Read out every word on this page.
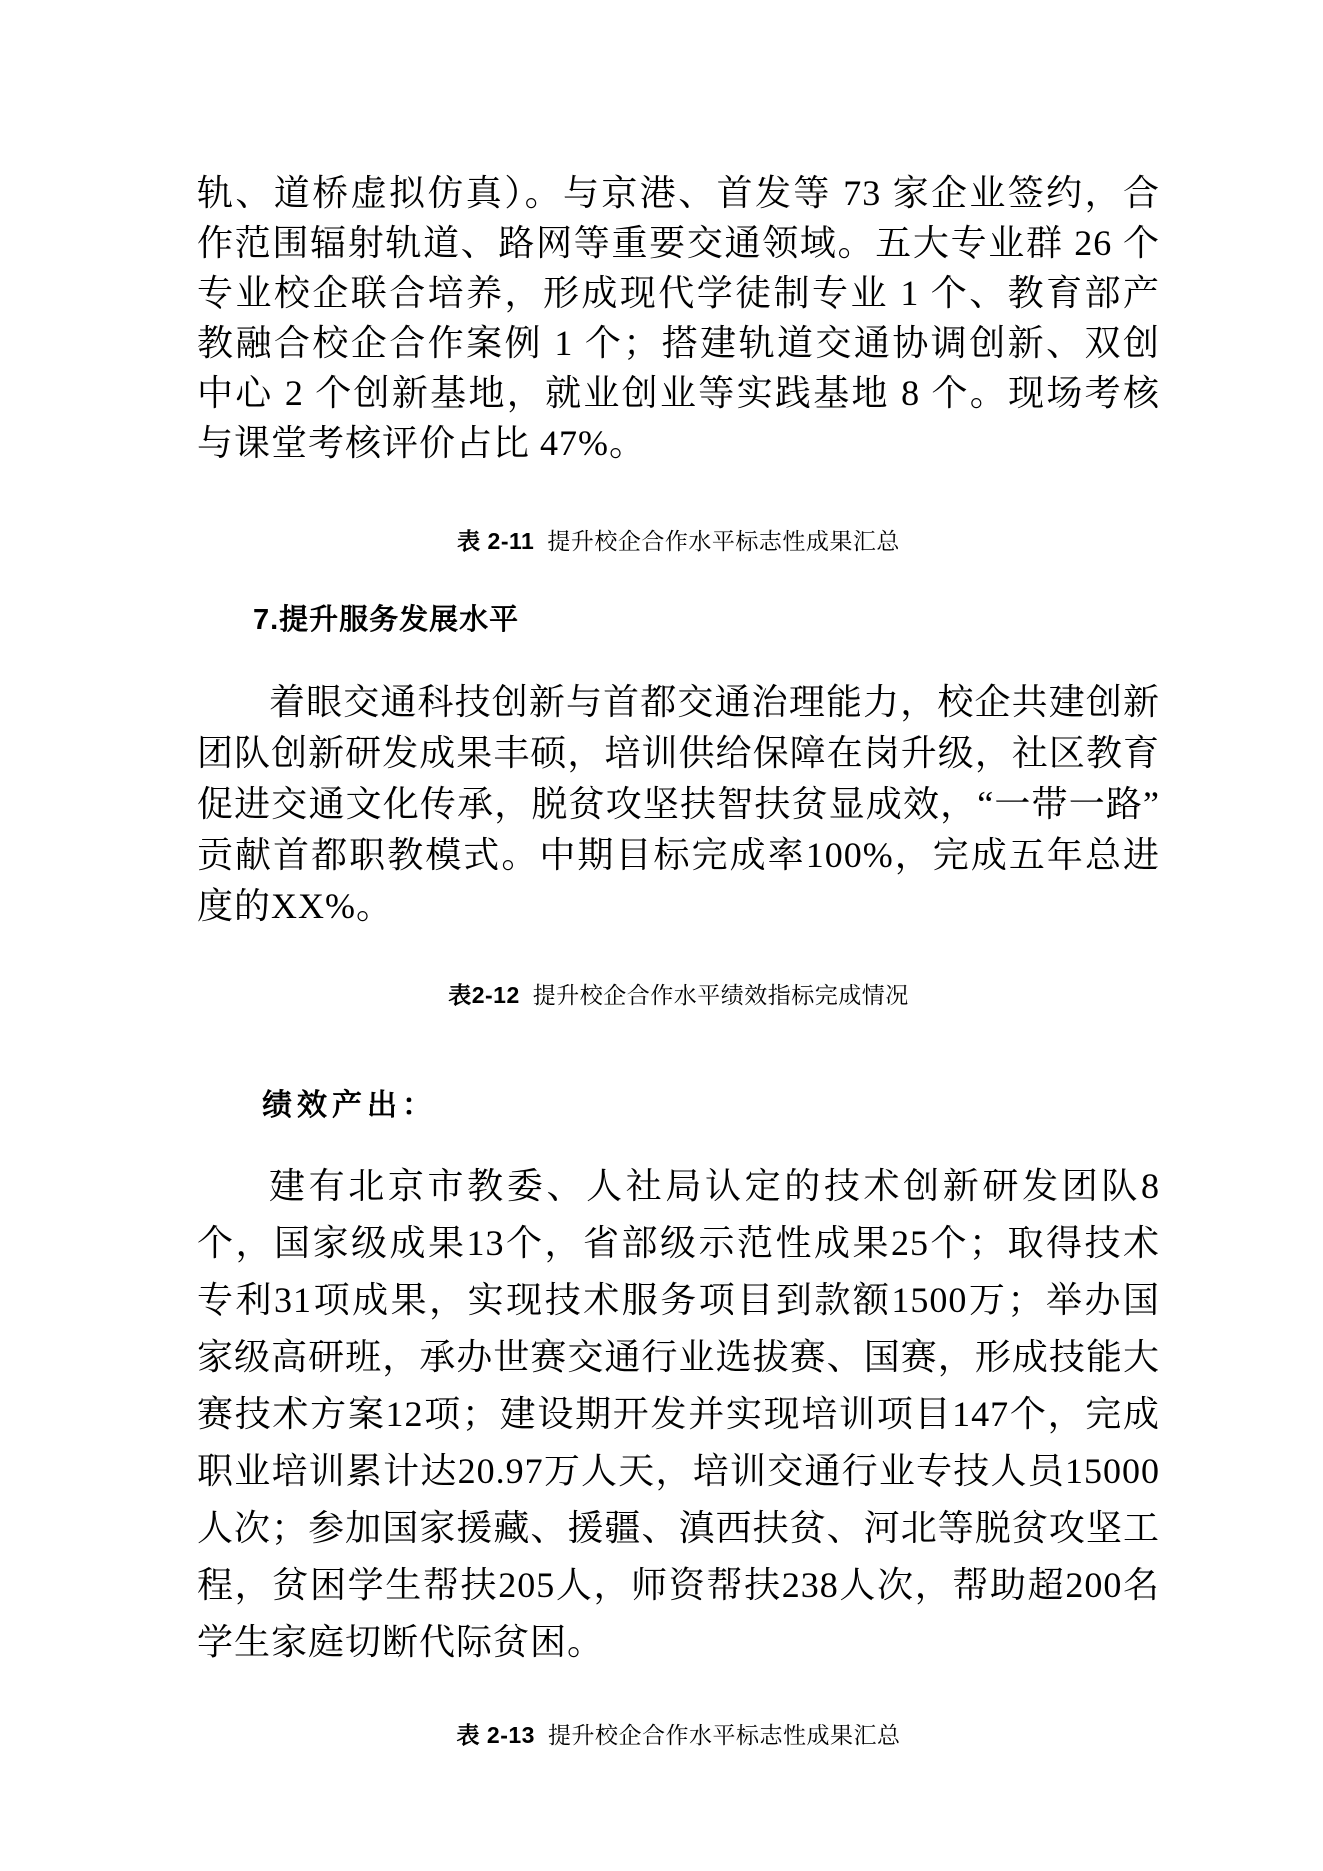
轨、道桥虚拟仿真）。与京港、首发等 73 家企业签约，合作范围辐射轨道、路网等重要交通领域。五大专业群 26 个专业校企联合培养，形成现代学徒制专业 1 个、教育部产教融合校企合作案例 1 个；搭建轨道交通协调创新、双创中心 2 个创新基地，就业创业等实践基地 8 个。现场考核与课堂考核评价占比 47%。

表 2-11 提升校企合作水平标志性成果汇总

7.提升服务发展水平

着眼交通科技创新与首都交通治理能力，校企共建创新团队创新研发成果丰硕，培训供给保障在岗升级，社区教育促进交通文化传承，脱贫攻坚扶智扶贫显成效，“一带一路”贡献首都职教模式。中期目标完成率100%，完成五年总进度的XX%。

表2-12 提升校企合作水平绩效指标完成情况

绩效产出：

建有北京市教委、人社局认定的技术创新研发团队8个，国家级成果13个，省部级示范性成果25个；取得技术专利31项成果，实现技术服务项目到款额1500万；举办国家级高研班，承办世赛交通行业选拔赛、国赛，形成技能大赛技术方案12项；建设期开发并实现培训项目147个，完成职业培训累计达20.97万人天，培训交通行业专技人员15000人次；参加国家援藏、援疆、滇西扶贫、河北等脱贫攻坚工程，贫困学生帮扶205人，师资帮扶238人次，帮助超200名学生家庭切断代际贫困。

表 2-13 提升校企合作水平标志性成果汇总
